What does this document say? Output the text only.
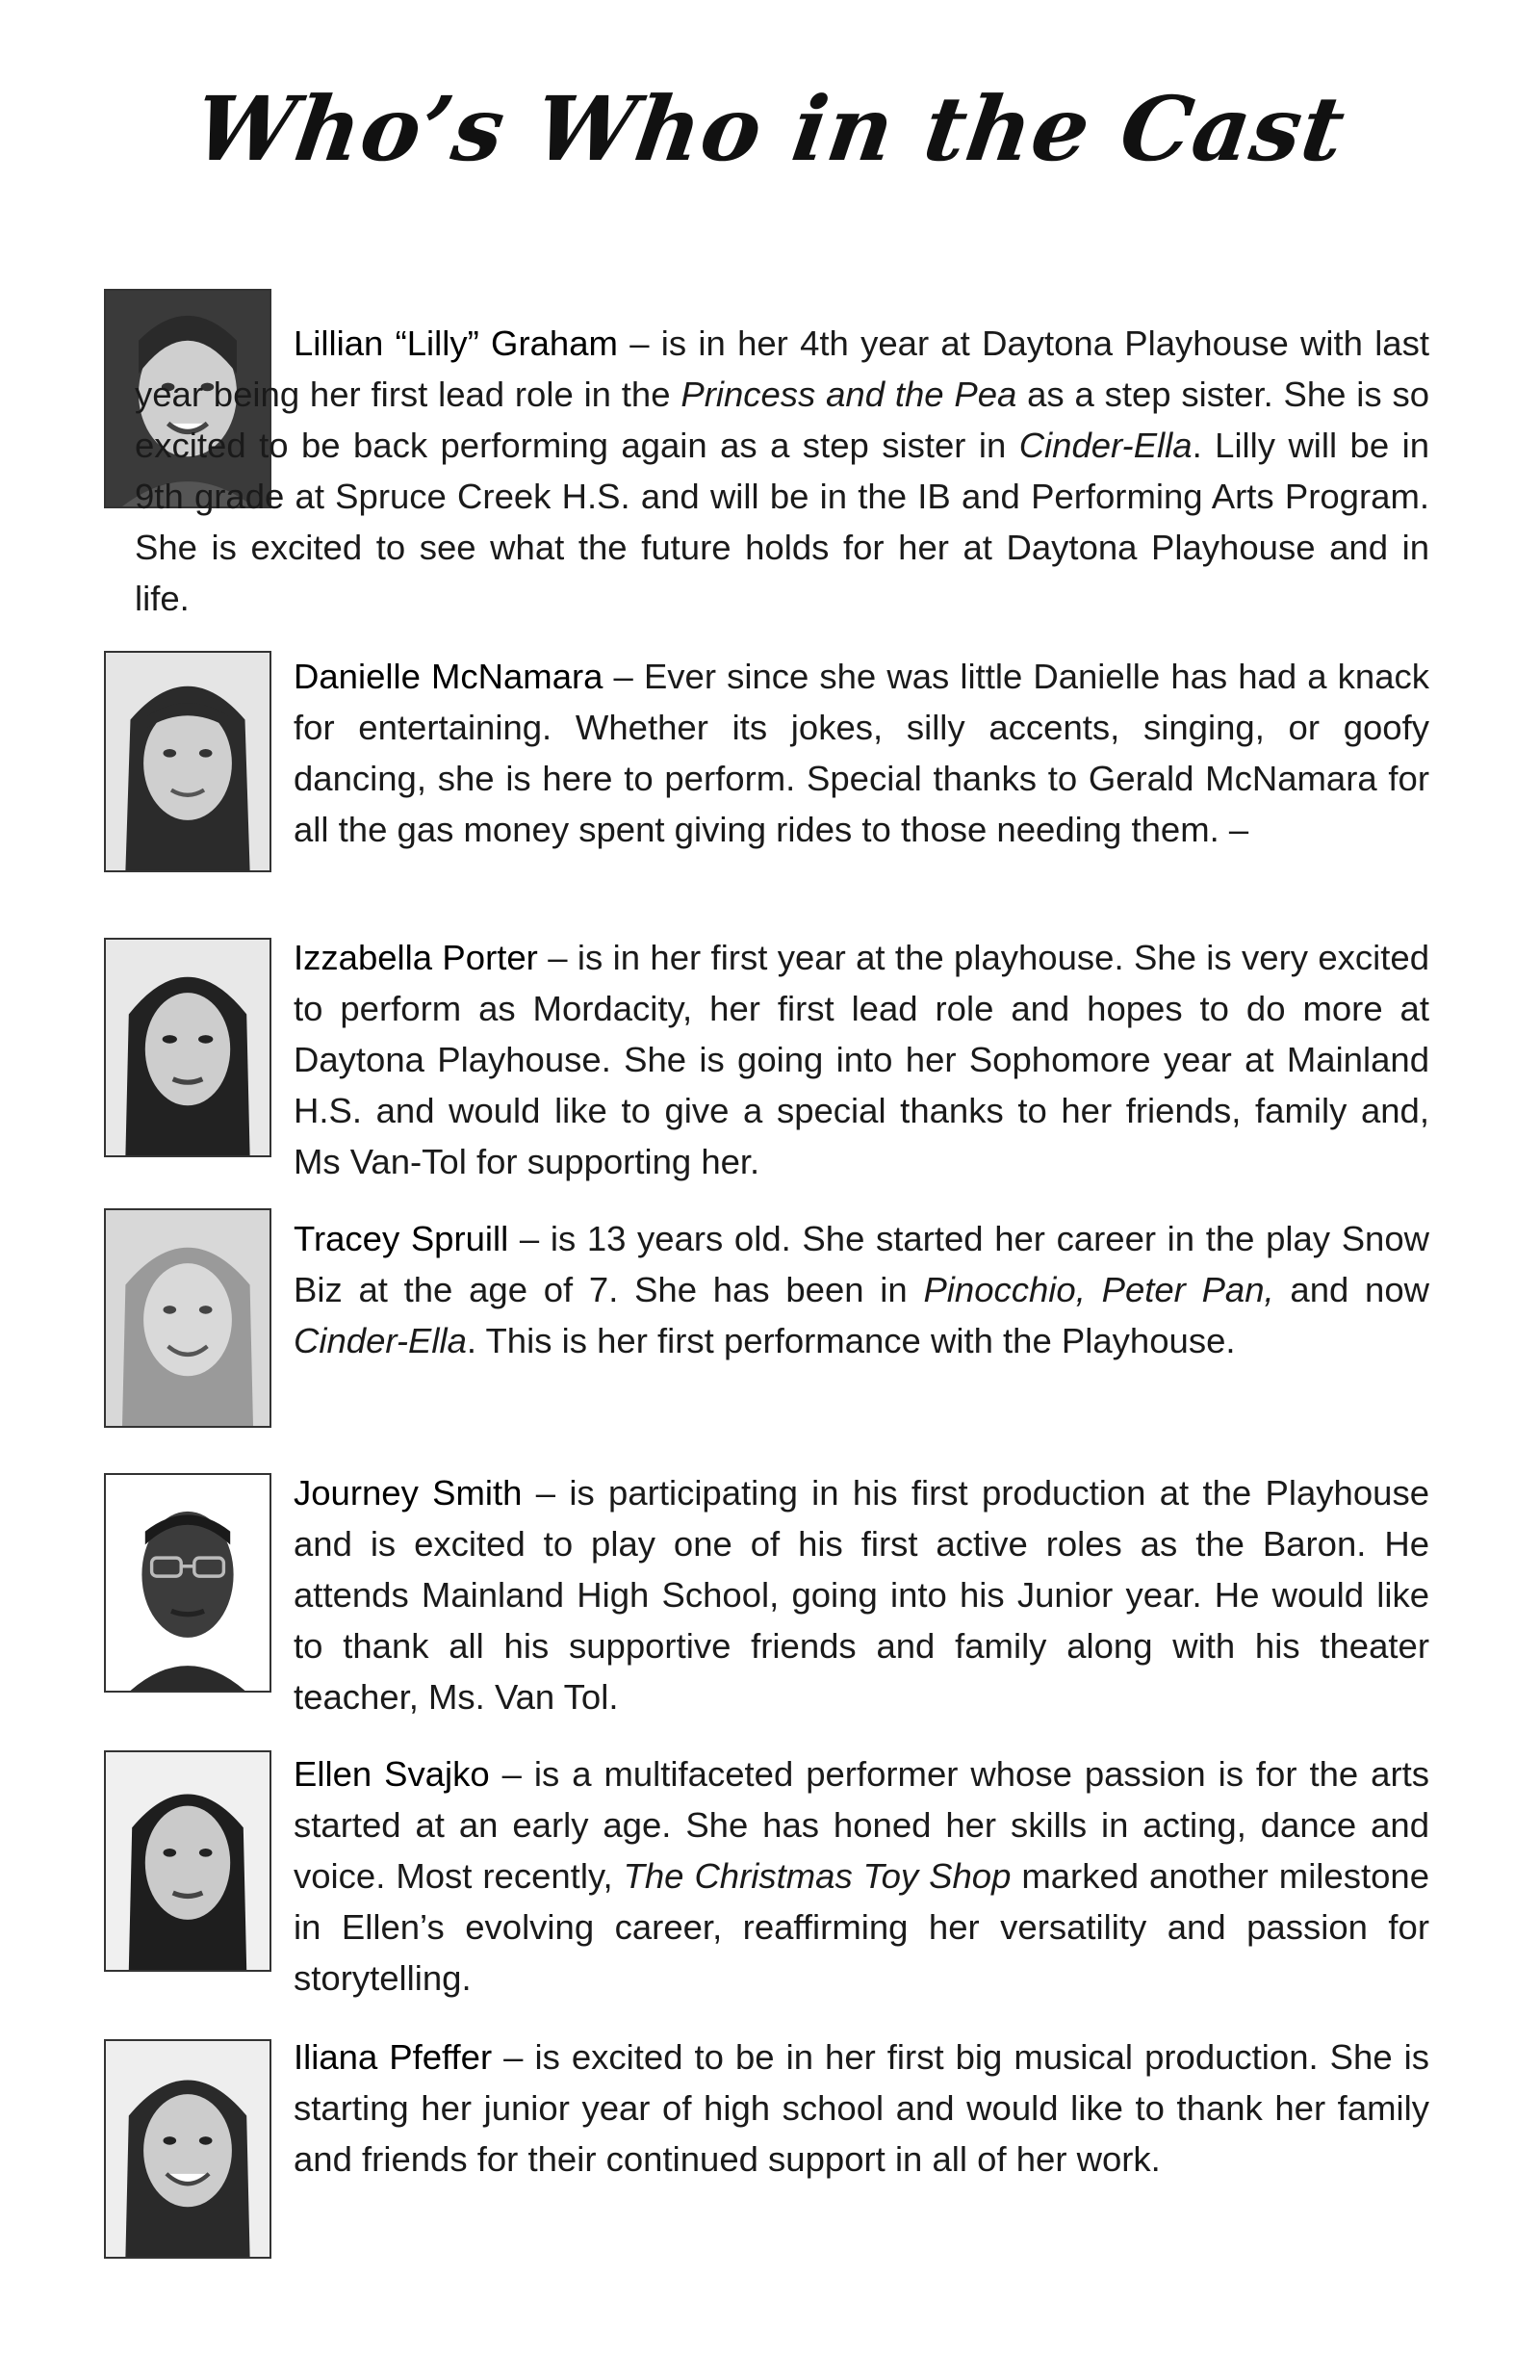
Who’s Who in the Cast
Lillian “Lilly” Graham – is in her 4th year at Daytona Playhouse with last year being her first lead role in the Princess and the Pea as a step sister. She is so excited to be back performing again as a step sister in Cinder-Ella. Lilly will be in 9th grade at Spruce Creek H.S. and will be in the IB and Performing Arts Program. She is excited to see what the future holds for her at Daytona Playhouse and in life.
Danielle McNamara – Ever since she was little Danielle has had a knack for entertaining. Whether its jokes, silly accents, singing, or goofy dancing, she is here to perform. Special thanks to Gerald McNamara for all the gas money spent giving rides to those needing them. –
Izzabella Porter – is in her first year at the playhouse. She is very excited to perform as Mordacity, her first lead role and hopes to do more at Daytona Playhouse. She is going into her Sophomore year at Mainland H.S. and would like to give a special thanks to her friends, family and, Ms Van-Tol for supporting her.
Tracey Spruill – is 13 years old. She started her career in the play Snow Biz at the age of 7. She has been in Pinocchio, Peter Pan, and now Cinder-Ella. This is her first performance with the Playhouse.
Journey Smith – is participating in his first production at the Playhouse and is excited to play one of his first active roles as the Baron. He attends Mainland High School, going into his Junior year. He would like to thank all his supportive friends and family along with his theater teacher, Ms. Van Tol.
Ellen Svajko – is a multifaceted performer whose passion is for the arts started at an early age. She has honed her skills in acting, dance and voice. Most recently, The Christmas Toy Shop marked another milestone in Ellen’s evolving career, reaffirming her versatility and passion for storytelling.
Iliana Pfeffer – is excited to be in her first big musical production. She is starting her junior year of high school and would like to thank her family and friends for their continued support in all of her work.
